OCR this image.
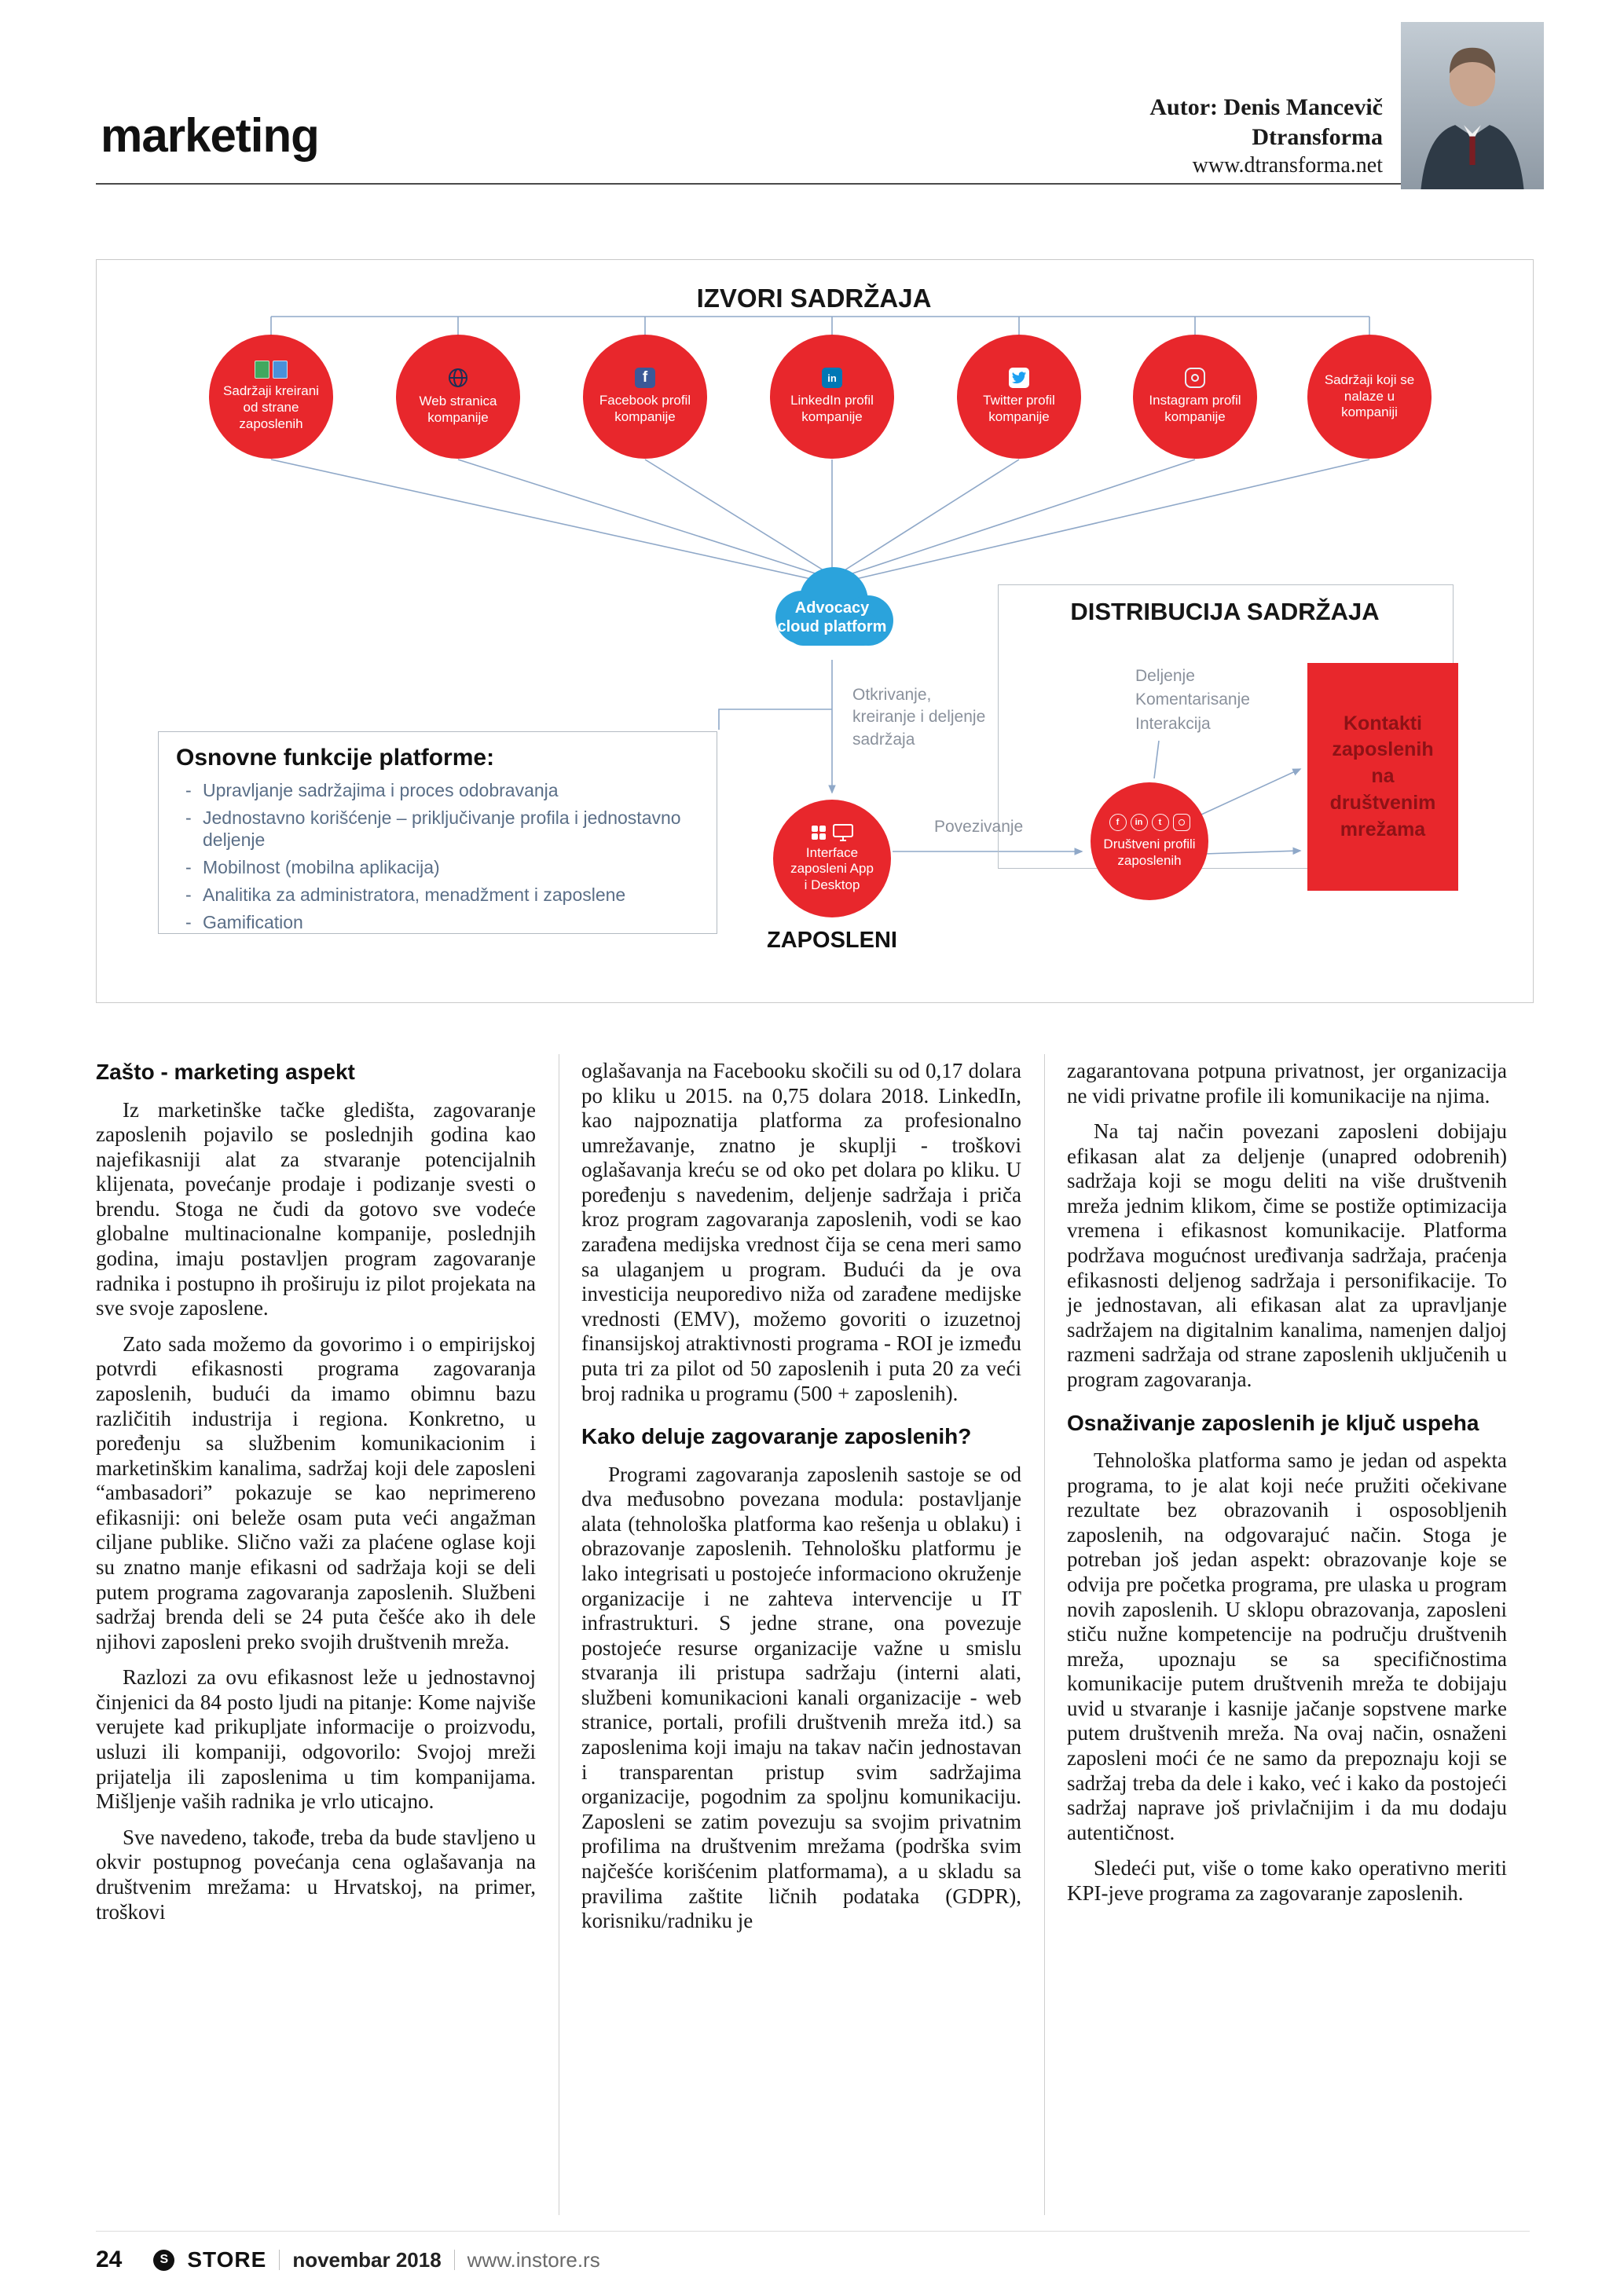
marketing
Autor: Denis Mancevič
Dtransforma
www.dtransforma.net
IZVORI SADRŽAJA
Sadržaji kreirani od strane zaposlenih
Web stranica kompanije
f
Facebook profil kompanije
in
LinkedIn profil kompanije
Twitter profil kompanije
Instagram profil kompanije
Sadržaji koji se nalaze u kompaniji
Advocacy
cloud platform
Otkrivanje, kreiranje i deljenje sadržaja
Interface zaposleni App i Desktop
ZAPOSLENI
Povezivanje	f	in	t
Društveni profili zaposlenih
DISTRIBUCIJA SADRŽAJA
Deljenje Komentarisanje Interakcija	Kontakti zaposlenih na društvenim mrežama
Osnovne funkcije platforme:
- Upravljanje sadržajima i proces odobravanja
- Jednostavno korišćenje – priključivanje profila i jednostavno deljenje
- Mobilnost (mobilna aplikacija)
- Analitika za administratora, menadžment i zaposlene
- Gamification
Zašto - marketing aspekt

Iz marketinške tačke gledišta, zagovaranje zaposlenih pojavilo se poslednjih godina kao najefikasniji alat za stvaranje potencijalnih klijenata, povećanje prodaje i podizanje svesti o brendu. Stoga ne čudi da gotovo sve vodeće globalne multinacionalne kompanije, poslednjih godina, imaju postavljen program zagovaranje radnika i postupno ih proširuju iz pilot projekata na sve svoje zaposlene.

Zato sada možemo da govorimo i o empirijskoj potvrdi efikasnosti programa zagovaranja zaposlenih, budući da imamo obimnu bazu različitih industrija i regiona. Konkretno, u poređenju sa službenim komunikacionim i marketinškim kanalima, sadržaj koji dele zaposleni “ambasadori” pokazuje se kao neprimereno efikasniji: oni beleže osam puta veći angažman ciljane publike. Slično važi za plaćene oglase koji su znatno manje efikasni od sadržaja koji se deli putem programa zagovaranja zaposlenih. Službeni sadržaj brenda deli se 24 puta češće ako ih dele njihovi zaposleni preko svojih društvenih mreža.

Razlozi za ovu efikasnost leže u jednostavnoj činjenici da 84 posto ljudi na pitanje: Kome najviše verujete kad prikupljate informacije o proizvodu, usluzi ili kompaniji, odgovorilo: Svojoj mreži prijatelja ili zaposlenima u tim kompanijama. Mišljenje vaših radnika je vrlo uticajno.

Sve navedeno, takođe, treba da bude stavljeno u okvir postupnog povećanja cena oglašavanja na društvenim mrežama: u Hrvatskoj, na primer, troškovi

oglašavanja na Facebooku skočili su od 0,17 dolara po kliku u 2015. na 0,75 dolara 2018. LinkedIn, kao najpoznatija platforma za profesionalno umrežavanje, znatno je skuplji - troškovi oglašavanja kreću se od oko pet dolara po kliku. U poređenju s navedenim, deljenje sadržaja i priča kroz program zagovaranja zaposlenih, vodi se kao zarađena medijska vrednost čija se cena meri samo sa ulaganjem u program. Budući da je ova investicija neuporedivo niža od zarađene medijske vrednosti (EMV), možemo govoriti o izuzetnoj finansijskoj atraktivnosti programa - ROI je između puta tri za pilot od 50 zaposlenih i puta 20 za veći broj radnika u programu (500 + zaposlenih).

Kako deluje zagovaranje zaposlenih?

Programi zagovaranja zaposlenih sastoje se od dva međusobno povezana modula: postavljanje alata (tehnološka platforma kao rešenja u oblaku) i obrazovanje zaposlenih. Tehnološku platformu je lako integrisati u postojeće informaciono okruženje organizacije i ne zahteva intervencije u IT infrastrukturi. S jedne strane, ona povezuje postojeće resurse organizacije važne u smislu stvaranja ili pristupa sadržaju (interni alati, službeni komunikacioni kanali organizacije - web stranice, portali, profili društvenih mreža itd.) sa zaposlenima koji imaju na takav način jednostavan i transparentan pristup svim sadržajima organizacije, pogodnim za spoljnu komunikaciju. Zaposleni se zatim povezuju sa svojim privatnim profilima na društvenim mrežama (podrška svim najčešće korišćenim platformama), a u skladu sa pravilima zaštite ličnih podataka (GDPR), korisniku/radniku je

zagarantovana potpuna privatnost, jer organizacija ne vidi privatne profile ili komunikacije na njima.

Na taj način povezani zaposleni dobijaju efikasan alat za deljenje (unapred odobrenih) sadržaja koji se mogu deliti na više društvenih mreža jednim klikom, čime se postiže optimizacija vremena i efikasnost komunikacije. Platforma podržava mogućnost uređivanja sadržaja, praćenja efikasnosti deljenog sadržaja i personifikacije. To je jednostavan, ali efikasan alat za upravljanje sadržajem na digitalnim kanalima, namenjen daljoj razmeni sadržaja od strane zaposlenih uključenih u program zagovaranja.

Osnaživanje zaposlenih je ključ uspeha

Tehnološka platforma samo je jedan od aspekta programa, to je alat koji neće pružiti očekivane rezultate bez obrazovanih i osposobljenih zaposlenih, na odgovarajuć način. Stoga je potreban još jedan aspekt: obrazovanje koje se odvija pre početka programa, pre ulaska u program novih zaposlenih. U sklopu obrazovanja, zaposleni stiču nužne kompetencije na području društvenih mreža, upoznaju se sa specifičnostima komunikacije putem društvenih mreža te dobijaju uvid u stvaranje i kasnije jačanje sopstvene marke putem društvenih mreža. Na ovaj način, osnaženi zaposleni moći će ne samo da prepoznaju koji se sadržaj treba da dele i kako, već i kako da postojeći sadržaj naprave još privlačnijim i da mu dodaju autentičnost.

Sledeći put, više o tome kako operativno meriti KPI-jeve programa za zagovaranje zaposlenih.

24	S STORE novembar 2018 www.instore.rs
